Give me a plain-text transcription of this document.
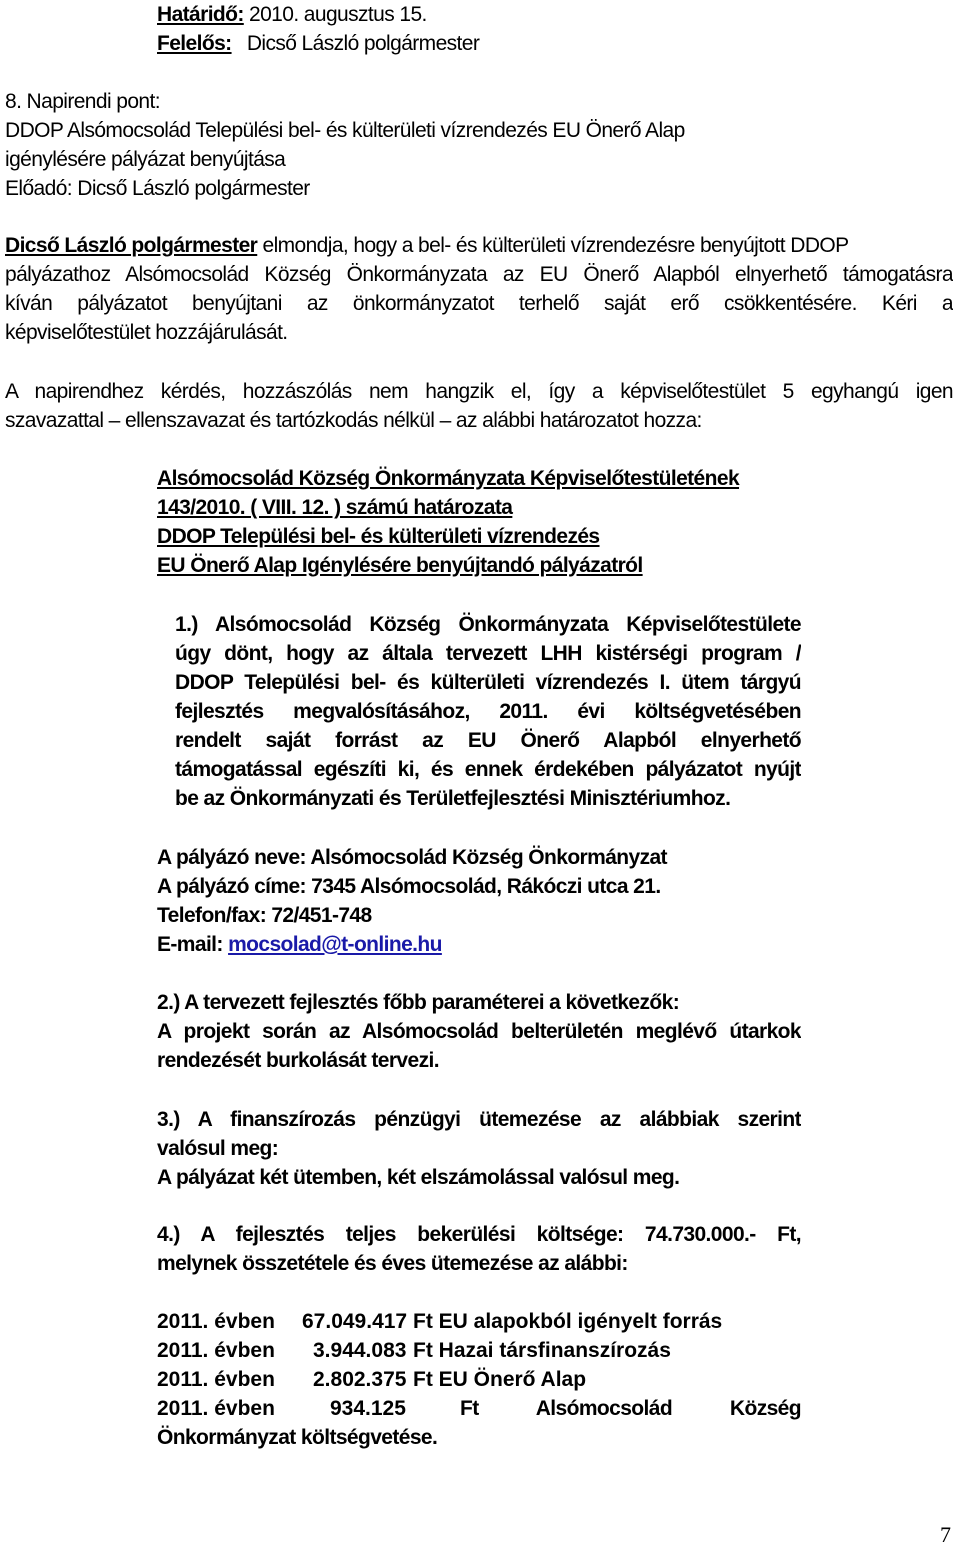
Határidő: 2010. augusztus 15.
Felelős: Dicső László polgármester
8. Napirendi pont:
DDOP Alsómocsolád Települési bel- és külterületi vízrendezés EU Önerő Alap
igénylésére pályázat benyújtása
Előadó: Dicső László polgármester
Dicső László polgármester elmondja, hogy a bel- és külterületi vízrendezésre benyújtott DDOP
pályázathoz Alsómocsolád Község Önkormányzata az EU Önerő Alapból elnyerhető támogatásra
kíván pályázatot benyújtani az önkormányzatot terhelő saját erő csökkentésére. Kéri a
képviselőtestület hozzájárulását.
A napirendhez kérdés, hozzászólás nem hangzik el, így a képviselőtestület 5 egyhangú igen
szavazattal – ellenszavazat és tartózkodás nélkül – az alábbi határozatot hozza:
Alsómocsolád Község Önkormányzata Képviselőtestületének
143/2010. ( VIII. 12. ) számú határozata
DDOP Települési bel- és külterületi vízrendezés
EU Önerő Alap Igénylésére benyújtandó pályázatról
1.) Alsómocsolád Község Önkormányzata Képviselőtestülete
úgy dönt, hogy az általa tervezett LHH kistérségi program /
DDOP Települési bel- és külterületi vízrendezés I. ütem tárgyú
fejlesztés megvalósításához, 2011. évi költségvetésében
rendelt saját forrást az EU Önerő Alapból elnyerhető
támogatással egészíti ki, és ennek érdekében pályázatot nyújt
be az Önkormányzati és Területfejlesztési Minisztériumhoz.
A pályázó neve: Alsómocsolád Község Önkormányzat
A pályázó címe: 7345 Alsómocsolád, Rákóczi utca 21.
Telefon/fax: 72/451-748
E-mail: mocsolad@t-online.hu
2.) A tervezett fejlesztés főbb paraméterei a következők:
A projekt során az Alsómocsolád belterületén meglévő útarkok
rendezését burkolását tervezi.
3.) A finanszírozás pénzügyi ütemezése az alábbiak szerint
valósul meg:
A pályázat két ütemben, két elszámolással valósul meg.
4.) A fejlesztés teljes bekerülési költsége: 74.730.000.- Ft,
melynek összetétele és éves ütemezése az alábbi:
2011. évben 67.049.417 Ft EU alapokból igényelt forrás
2011. évben 3.944.083 Ft Hazai társfinanszírozás
2011. évben 2.802.375 Ft EU Önerő Alap
2011. évben	934.125	Ft Alsómocsolád Község
Önkormányzat költségvetése.
7
